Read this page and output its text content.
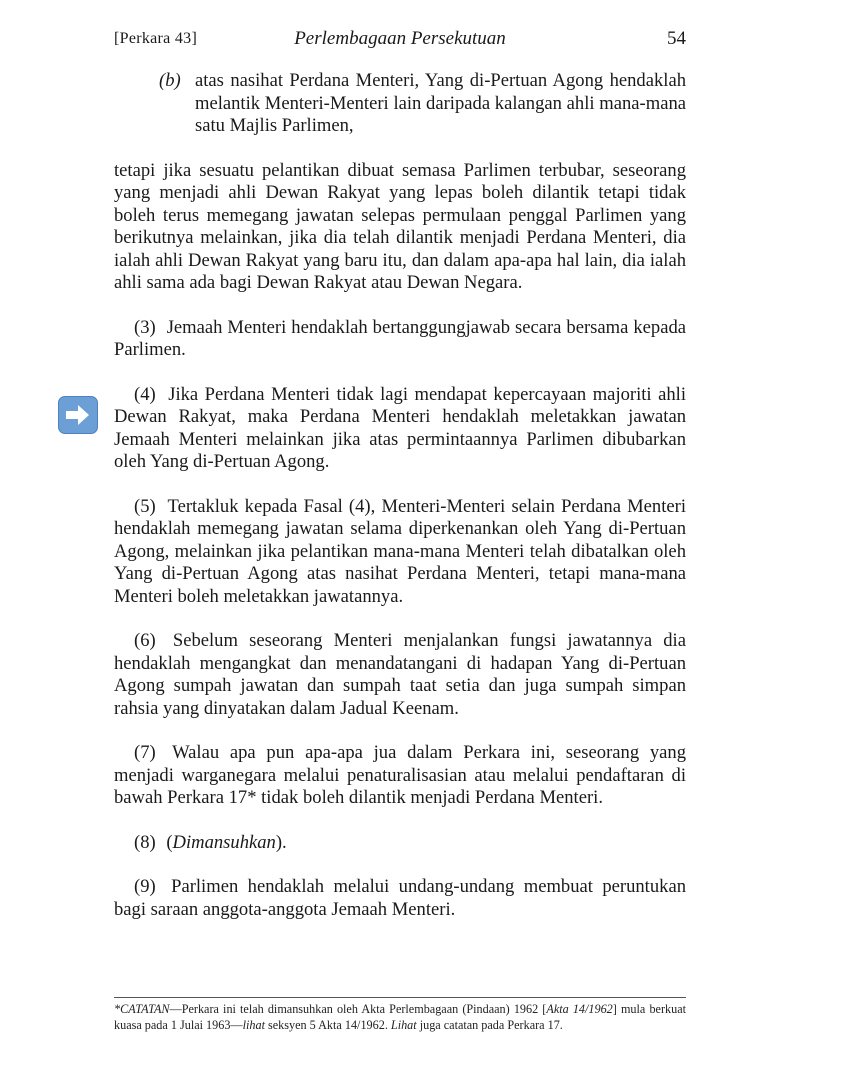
[Perkara 43]	Perlembagaan Persekutuan	54

(b) atas nasihat Perdana Menteri, Yang di-Pertuan Agong hendaklah melantik Menteri-Menteri lain daripada kalangan ahli mana-mana satu Majlis Parlimen,

tetapi jika sesuatu pelantikan dibuat semasa Parlimen terbubar, seseorang yang menjadi ahli Dewan Rakyat yang lepas boleh dilantik tetapi tidak boleh terus memegang jawatan selepas permulaan penggal Parlimen yang berikutnya melainkan, jika dia telah dilantik menjadi Perdana Menteri, dia ialah ahli Dewan Rakyat yang baru itu, dan dalam apa-apa hal lain, dia ialah ahli sama ada bagi Dewan Rakyat atau Dewan Negara.

(3) Jemaah Menteri hendaklah bertanggungjawab secara bersama kepada Parlimen.

(4) Jika Perdana Menteri tidak lagi mendapat kepercayaan majoriti ahli Dewan Rakyat, maka Perdana Menteri hendaklah meletakkan jawatan Jemaah Menteri melainkan jika atas permintaannya Parlimen dibubarkan oleh Yang di-Pertuan Agong.

(5) Tertakluk kepada Fasal (4), Menteri-Menteri selain Perdana Menteri hendaklah memegang jawatan selama diperkenankan oleh Yang di-Pertuan Agong, melainkan jika pelantikan mana-mana Menteri telah dibatalkan oleh Yang di-Pertuan Agong atas nasihat Perdana Menteri, tetapi mana-mana Menteri boleh meletakkan jawatannya.

(6) Sebelum seseorang Menteri menjalankan fungsi jawatannya dia hendaklah mengangkat dan menandatangani di hadapan Yang di-Pertuan Agong sumpah jawatan dan sumpah taat setia dan juga sumpah simpan rahsia yang dinyatakan dalam Jadual Keenam.

(7) Walau apa pun apa-apa jua dalam Perkara ini, seseorang yang menjadi warganegara melalui penaturalisasian atau melalui pendaftaran di bawah Perkara 17* tidak boleh dilantik menjadi Perdana Menteri.

(8) (Dimansuhkan).

(9) Parlimen hendaklah melalui undang-undang membuat peruntukan bagi saraan anggota-anggota Jemaah Menteri.

*CATATAN—Perkara ini telah dimansuhkan oleh Akta Perlembagaan (Pindaan) 1962 [Akta 14/1962] mula berkuat kuasa pada 1 Julai 1963—lihat seksyen 5 Akta 14/1962. Lihat juga catatan pada Perkara 17.
